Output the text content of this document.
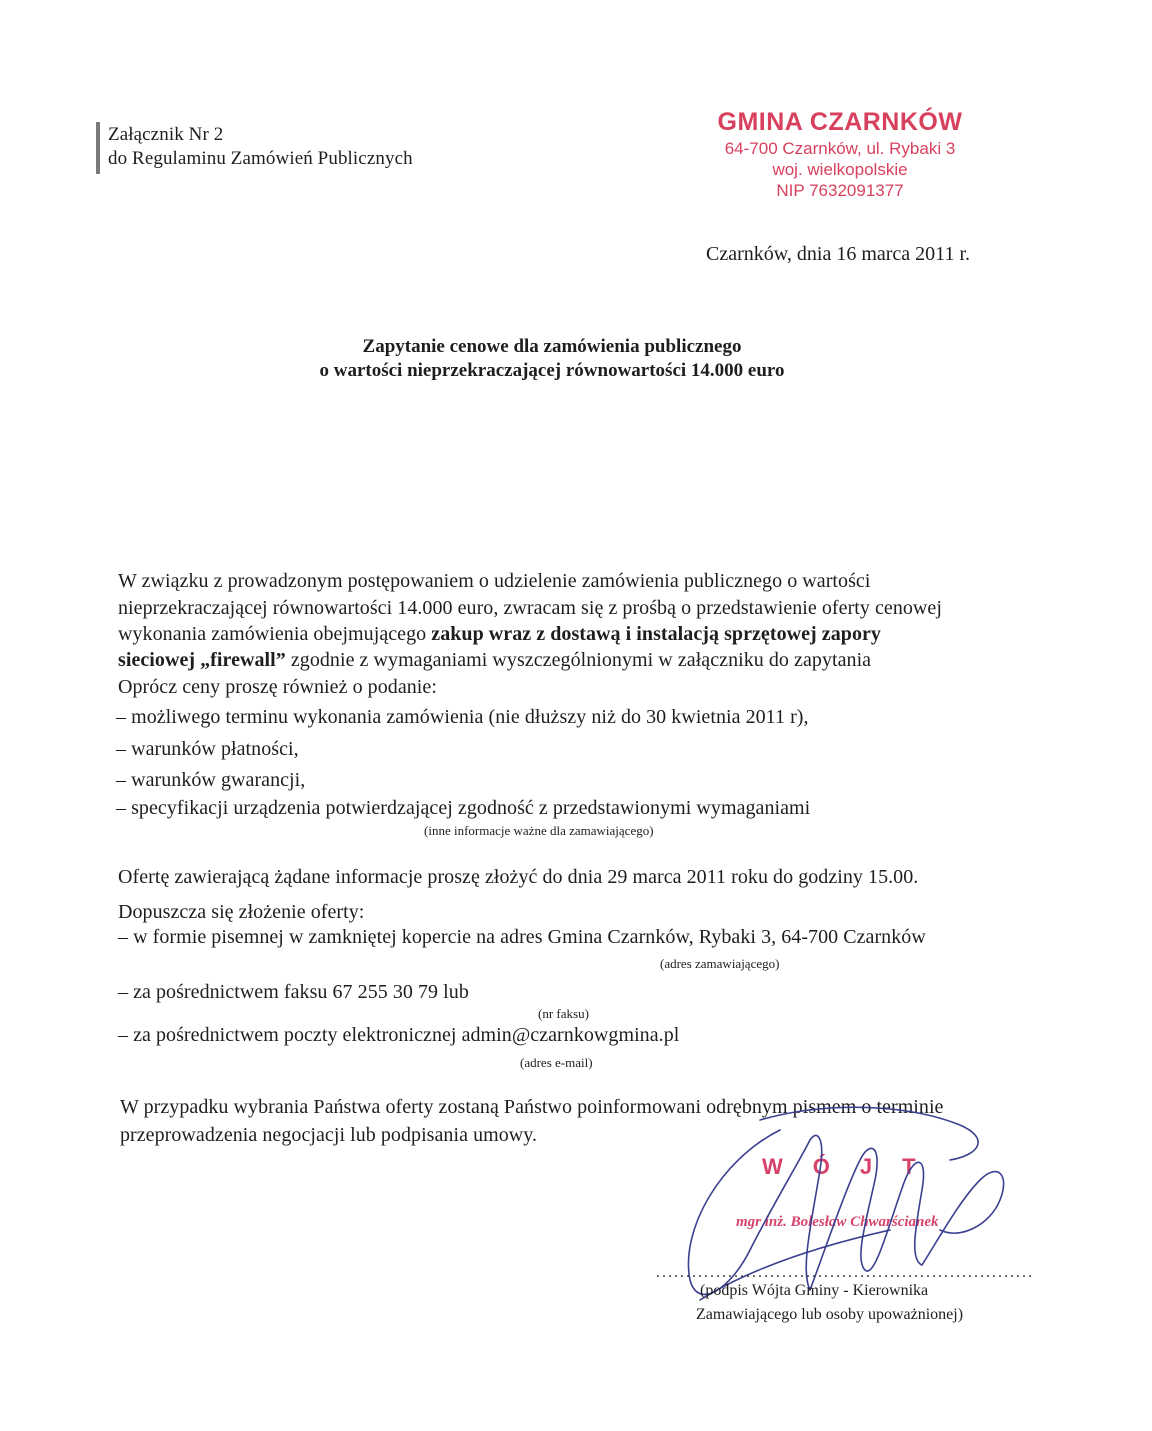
Załącznik Nr 2
do Regulaminu Zamówień Publicznych
GMINA CZARNKÓW
64-700 Czarnków, ul. Rybaki 3
woj. wielkopolskie
NIP 7632091377
Czarnków, dnia 16 marca 2011 r.
Zapytanie cenowe dla zamówienia publicznego
o wartości nieprzekraczającej równowartości 14.000 euro
W związku z prowadzonym postępowaniem o udzielenie zamówienia publicznego o wartości
nieprzekraczającej równowartości 14.000 euro, zwracam się z prośbą o przedstawienie oferty cenowej
wykonania zamówienia obejmującego zakup wraz z dostawą i instalacją sprzętowej zapory
sieciowej „firewall” zgodnie z wymaganiami wyszczególnionymi w załączniku do zapytania
Oprócz ceny proszę również o podanie:
– możliwego terminu wykonania zamówienia (nie dłuższy niż do 30 kwietnia 2011 r),
– warunków płatności,
– warunków gwarancji,
– specyfikacji urządzenia potwierdzającej zgodność z przedstawionymi wymaganiami
(inne informacje ważne dla zamawiającego)
Ofertę zawierającą żądane informacje proszę złożyć do dnia 29 marca 2011 roku do godziny 15.00.
Dopuszcza się złożenie oferty:
– w formie pisemnej w zamkniętej kopercie na adres Gmina Czarnków, Rybaki 3, 64-700 Czarnków
(adres zamawiającego)
– za pośrednictwem faksu 67 255 30 79 lub
(nr faksu)
– za pośrednictwem poczty elektronicznej admin@czarnkowgmina.pl
(adres e-mail)
W przypadku wybrania Państwa oferty zostaną Państwo poinformowani odrębnym pismem o terminie
przeprowadzenia negocjacji lub podpisania umowy.
WÓJT
mgr inż. Bolesław Chwarścianek
...............................................................
(podpis Wójta Gminy - Kierownika
Zamawiającego lub osoby upoważnionej)
